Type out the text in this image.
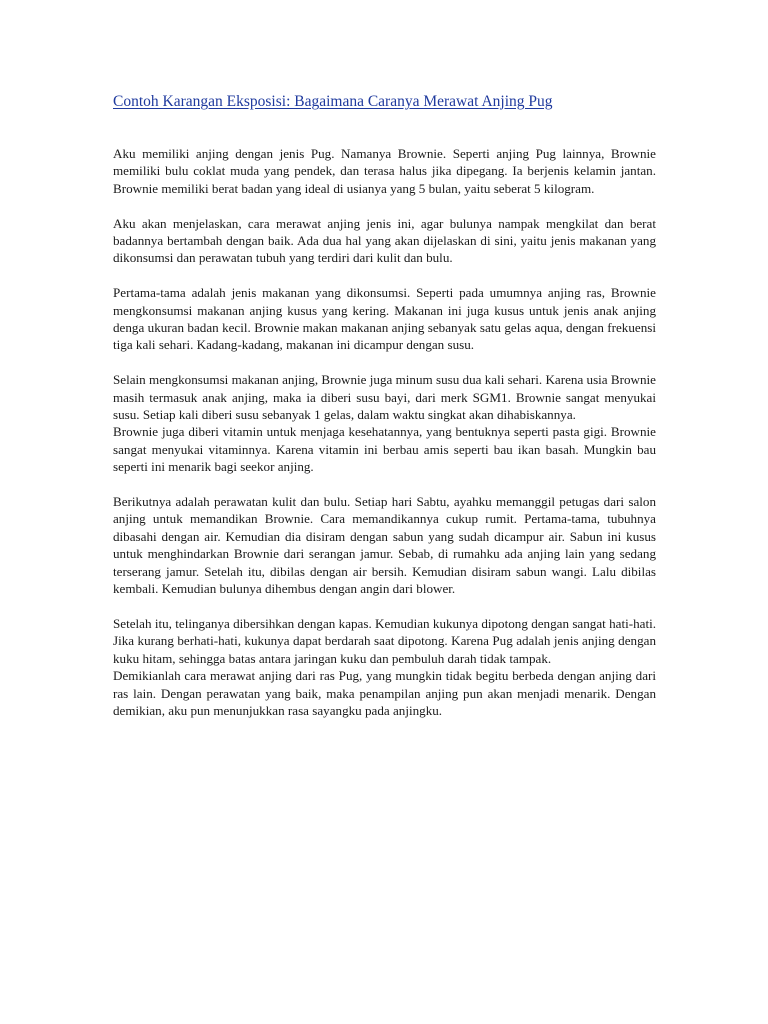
Contoh Karangan Eksposisi: Bagaimana Caranya Merawat Anjing Pug

Aku memiliki anjing dengan jenis Pug. Namanya Brownie. Seperti anjing Pug lainnya, Brownie memiliki bulu coklat muda yang pendek, dan terasa halus jika dipegang. Ia berjenis kelamin jantan. Brownie memiliki berat badan yang ideal di usianya yang 5 bulan, yaitu seberat 5 kilogram.

Aku akan menjelaskan, cara merawat anjing jenis ini, agar bulunya nampak mengkilat dan berat badannya bertambah dengan baik. Ada dua hal yang akan dijelaskan di sini, yaitu jenis makanan yang dikonsumsi dan perawatan tubuh yang terdiri dari kulit dan bulu.

Pertama-tama adalah jenis makanan yang dikonsumsi. Seperti pada umumnya anjing ras, Brownie mengkonsumsi makanan anjing kusus yang kering. Makanan ini juga kusus untuk jenis anak anjing denga ukuran badan kecil. Brownie makan makanan anjing sebanyak satu gelas aqua, dengan frekuensi tiga kali sehari. Kadang-kadang, makanan ini dicampur dengan susu.

Selain mengkonsumsi makanan anjing, Brownie juga minum susu dua kali sehari. Karena usia Brownie masih termasuk anak anjing, maka ia diberi susu bayi, dari merk SGM1. Brownie sangat menyukai susu. Setiap kali diberi susu sebanyak 1 gelas, dalam waktu singkat akan dihabiskannya.

Brownie juga diberi vitamin untuk menjaga kesehatannya, yang bentuknya seperti pasta gigi. Brownie sangat menyukai vitaminnya. Karena vitamin ini berbau amis seperti bau ikan basah. Mungkin bau seperti ini menarik bagi seekor anjing.

Berikutnya adalah perawatan kulit dan bulu. Setiap hari Sabtu, ayahku memanggil petugas dari salon anjing untuk memandikan Brownie. Cara memandikannya cukup rumit. Pertama-tama, tubuhnya dibasahi dengan air. Kemudian dia disiram dengan sabun yang sudah dicampur air. Sabun ini kusus untuk menghindarkan Brownie dari serangan jamur. Sebab, di rumahku ada anjing lain yang sedang terserang jamur. Setelah itu, dibilas dengan air bersih. Kemudian disiram sabun wangi. Lalu dibilas kembali. Kemudian bulunya dihembus dengan angin dari blower.

Setelah itu, telinganya dibersihkan dengan kapas. Kemudian kukunya dipotong dengan sangat hati-hati. Jika kurang berhati-hati, kukunya dapat berdarah saat dipotong. Karena Pug adalah jenis anjing dengan kuku hitam, sehingga batas antara jaringan kuku dan pembuluh darah tidak tampak.

Demikianlah cara merawat anjing dari ras Pug, yang mungkin tidak begitu berbeda dengan anjing dari ras lain. Dengan perawatan yang baik, maka penampilan anjing pun akan menjadi menarik. Dengan demikian, aku pun menunjukkan rasa sayangku pada anjingku.
